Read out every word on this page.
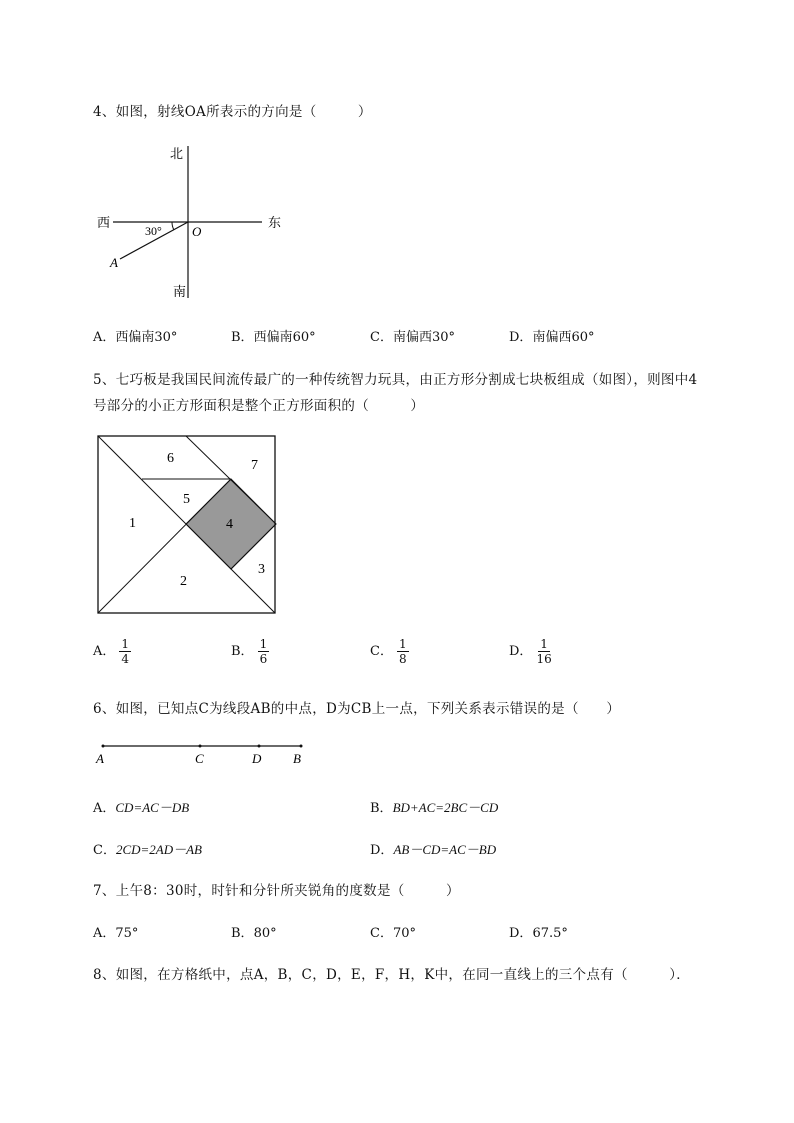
4、如图，射线OA所表示的方向是（　　　）
北
南
西	东
O
A
30°
A．西偏南30°	B．西偏南60°	C．南偏西30°	D．南偏西60°
5、七巧板是我国民间流传最广的一种传统智力玩具，由正方形分割成七块板组成（如图），则图中4
号部分的小正方形面积是整个正方形面积的（　　　）
6	7
5
1	4
3
2
A． $\frac{1}{4}$	B． $\frac{1}{6}$	C． $\frac{1}{8}$	D． $\frac{1}{16}$
6、如图，已知点C为线段AB的中点，D为CB上一点，下列关系表示错误的是（　　）
A	C	D B
A．CD=AC－DB	B．BD+AC=2BC－CD
C．2CD=2AD－AB	D．AB－CD=AC－BD
7、上午8：30时，时针和分针所夹锐角的度数是（　　　）
A．75°	B．80°	C．70°	D．67.5°
8、如图，在方格纸中，点A，B，C，D，E，F，H，K中，在同一直线上的三个点有（　　　）．
